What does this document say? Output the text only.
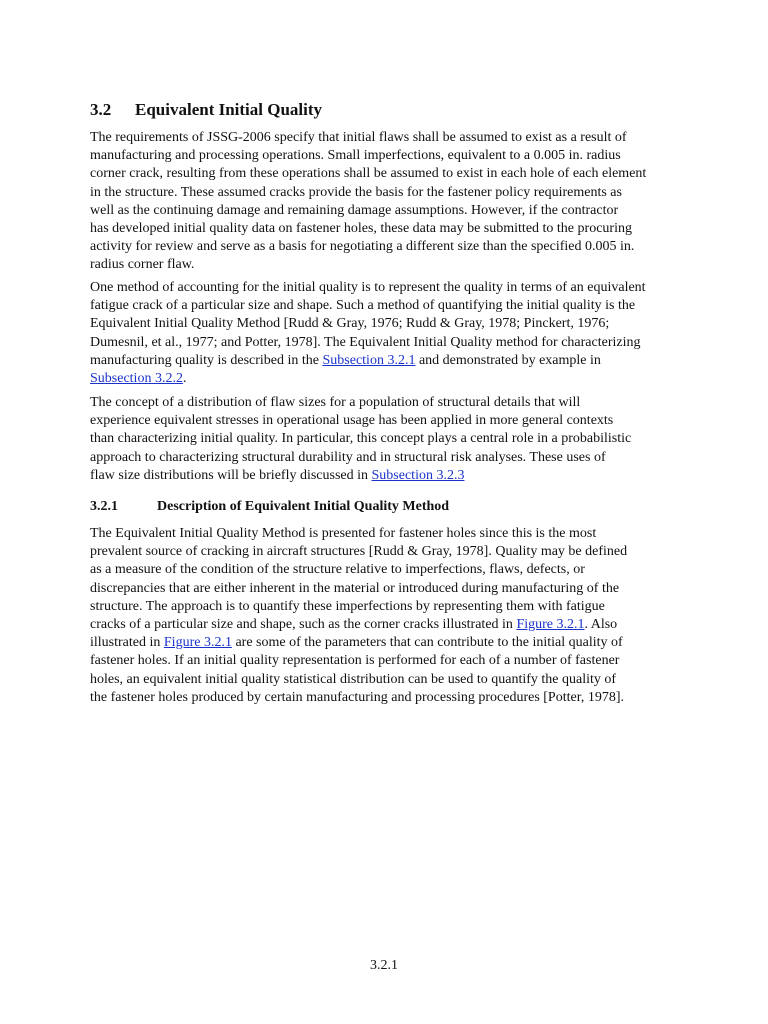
3.2 Equivalent Initial Quality

The requirements of JSSG-2006 specify that initial flaws shall be assumed to exist as a result of
manufacturing and processing operations. Small imperfections, equivalent to a 0.005 in. radius
corner crack, resulting from these operations shall be assumed to exist in each hole of each element
in the structure. These assumed cracks provide the basis for the fastener policy requirements as
well as the continuing damage and remaining damage assumptions. However, if the contractor
has developed initial quality data on fastener holes, these data may be submitted to the procuring
activity for review and serve as a basis for negotiating a different size than the specified 0.005 in.
radius corner flaw.

One method of accounting for the initial quality is to represent the quality in terms of an equivalent
fatigue crack of a particular size and shape. Such a method of quantifying the initial quality is the
Equivalent Initial Quality Method [Rudd & Gray, 1976; Rudd & Gray, 1978; Pinckert, 1976;
Dumesnil, et al., 1977; and Potter, 1978]. The Equivalent Initial Quality method for characterizing
manufacturing quality is described in the Subsection 3.2.1 and demonstrated by example in
Subsection 3.2.2.

The concept of a distribution of flaw sizes for a population of structural details that will
experience equivalent stresses in operational usage has been applied in more general contexts
than characterizing initial quality. In particular, this concept plays a central role in a probabilistic
approach to characterizing structural durability and in structural risk analyses. These uses of
flaw size distributions will be briefly discussed in Subsection 3.2.3

3.2.1	Description of Equivalent Initial Quality Method

The Equivalent Initial Quality Method is presented for fastener holes since this is the most
prevalent source of cracking in aircraft structures [Rudd & Gray, 1978]. Quality may be defined
as a measure of the condition of the structure relative to imperfections, flaws, defects, or
discrepancies that are either inherent in the material or introduced during manufacturing of the
structure. The approach is to quantify these imperfections by representing them with fatigue
cracks of a particular size and shape, such as the corner cracks illustrated in Figure 3.2.1. Also
illustrated in Figure 3.2.1 are some of the parameters that can contribute to the initial quality of
fastener holes. If an initial quality representation is performed for each of a number of fastener
holes, an equivalent initial quality statistical distribution can be used to quantify the quality of
the fastener holes produced by certain manufacturing and processing procedures [Potter, 1978].

3.2.1
